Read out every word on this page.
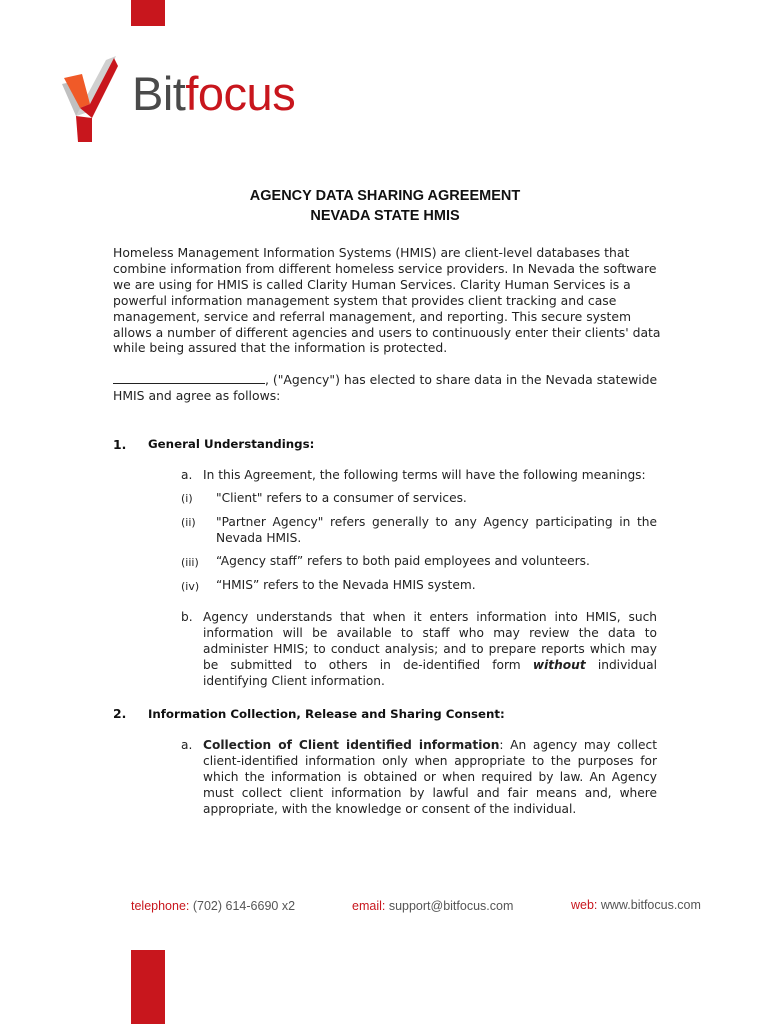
Bitfocus
AGENCY DATA SHARING AGREEMENT
NEVADA STATE HMIS
Homeless Management Information Systems (HMIS) are client-level databases that combine information from different homeless service providers. In Nevada the software we are using for HMIS is called Clarity Human Services. Clarity Human Services is a powerful information management system that provides client tracking and case management, service and referral management, and reporting. This secure system allows a number of different agencies and users to continuously enter their clients' data while being assured that the information is protected.
, ("Agency") has elected to share data in the Nevada statewide HMIS and agree as follows:
1. General Understandings:
a. In this Agreement, the following terms will have the following meanings:
(i) "Client" refers to a consumer of services.
(ii) "Partner Agency" refers generally to any Agency participating in the Nevada HMIS.
(iii) “Agency staff” refers to both paid employees and volunteers.
(iv) “HMIS” refers to the Nevada HMIS system.
b. Agency understands that when it enters information into HMIS, such information will be available to staff who may review the data to administer HMIS; to conduct analysis; and to prepare reports which may be submitted to others in de-identified form without individual identifying Client information.
2. Information Collection, Release and Sharing Consent:
a. Collection of Client identified information: An agency may collect client-identified information only when appropriate to the purposes for which the information is obtained or when required by law. An Agency must collect client information by lawful and fair means and, where appropriate, with the knowledge or consent of the individual.
telephone: (702) 614-6690 x2	email: support@bitfocus.com	web: www.bitfocus.com
